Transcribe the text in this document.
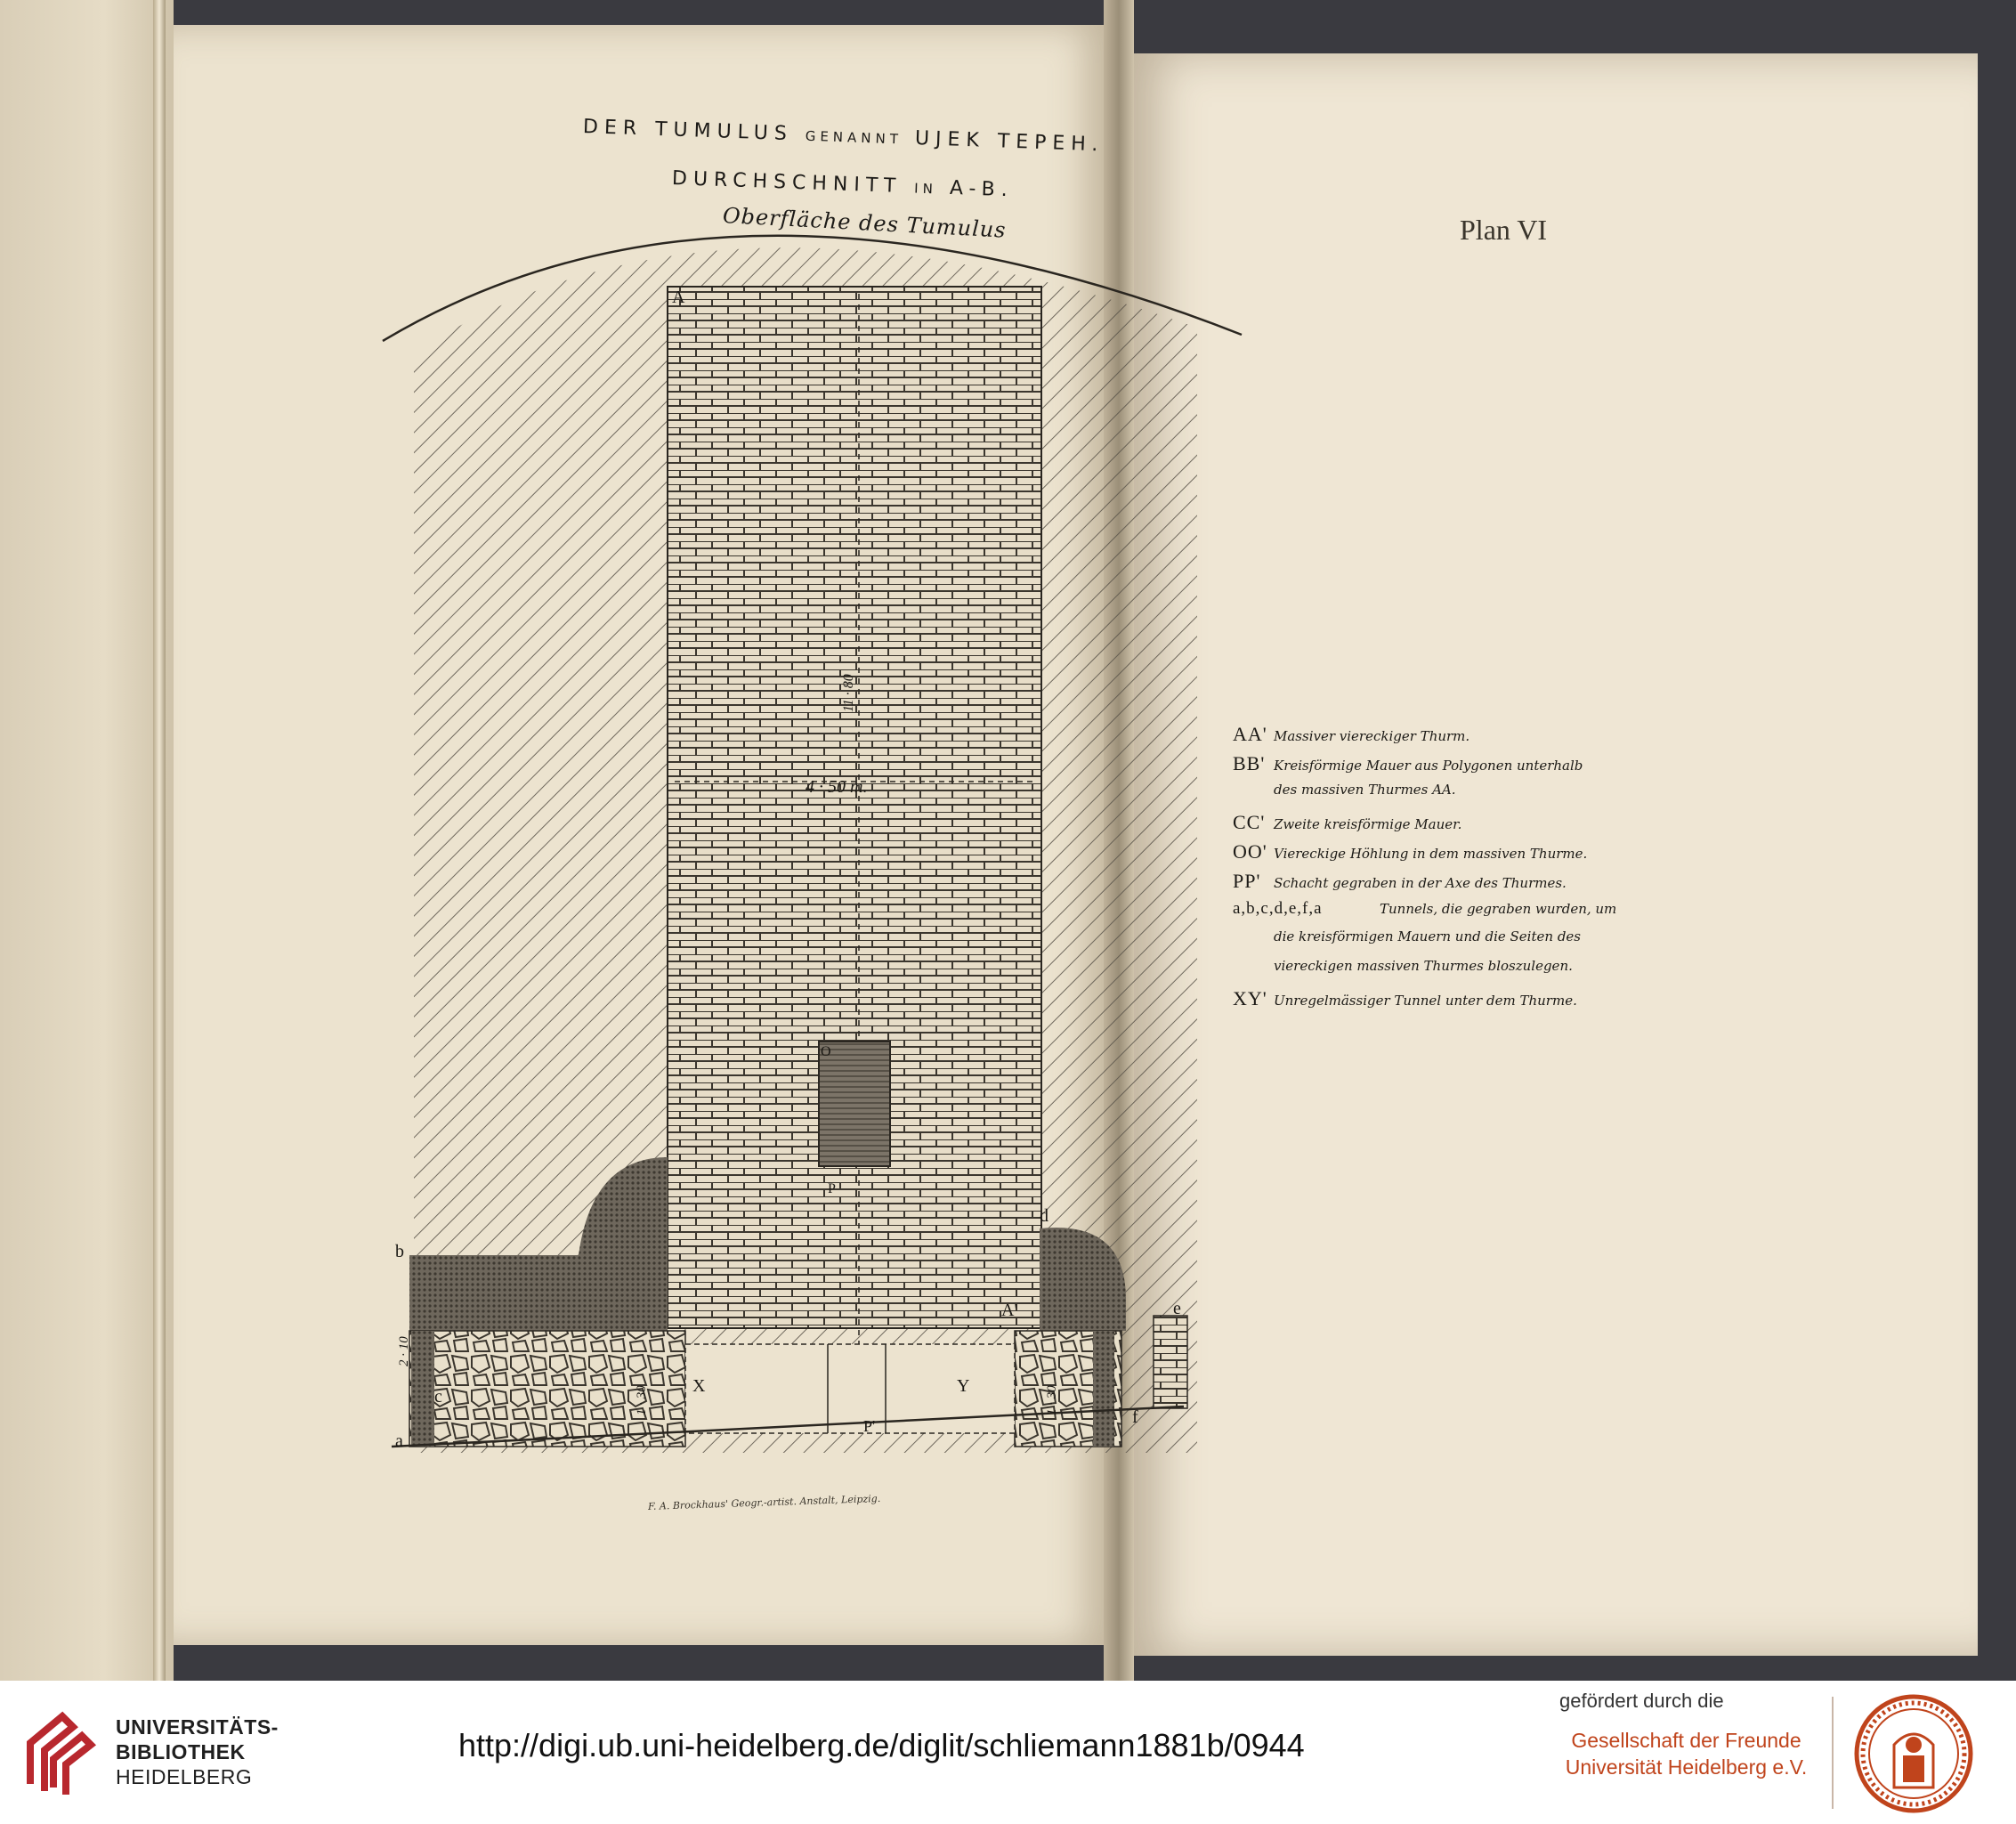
DER TUMULUS GENANNT UJEK TEPEH.
DURCHSCHNITT IN A-B.
Oberfläche des Tumulus	Plan VI
A
A'
11 · 80
4 · 50 m.
O
P
P'
b
a
d
e
f
c
X	Y
2 · 10
1 · 30	1 · 30
F. A. Brockhaus' Geogr.-artist. Anstalt, Leipzig.
AA' Massiver viereckiger Thurm.
BB' Kreisförmige Mauer aus Polygonen unterhalb
des massiven Thurmes AA.
CC' Zweite kreisförmige Mauer.
OO' Viereckige Höhlung in dem massiven Thurme.
PP' Schacht gegraben in der Axe des Thurmes.
a,b,c,d,e,f,a	Tunnels, die gegraben wurden, um
die kreisförmigen Mauern und die Seiten des
viereckigen massiven Thurmes bloszulegen.
XY' Unregelmässiger Tunnel unter dem Thurme.
UNIVERSITÄTS-
BIBLIOTHEK
HEIDELBERG
http://digi.ub.uni-heidelberg.de/diglit/schliemann1881b/0944
gefördert durch die
Gesellschaft der Freunde
Universität Heidelberg e.V.
